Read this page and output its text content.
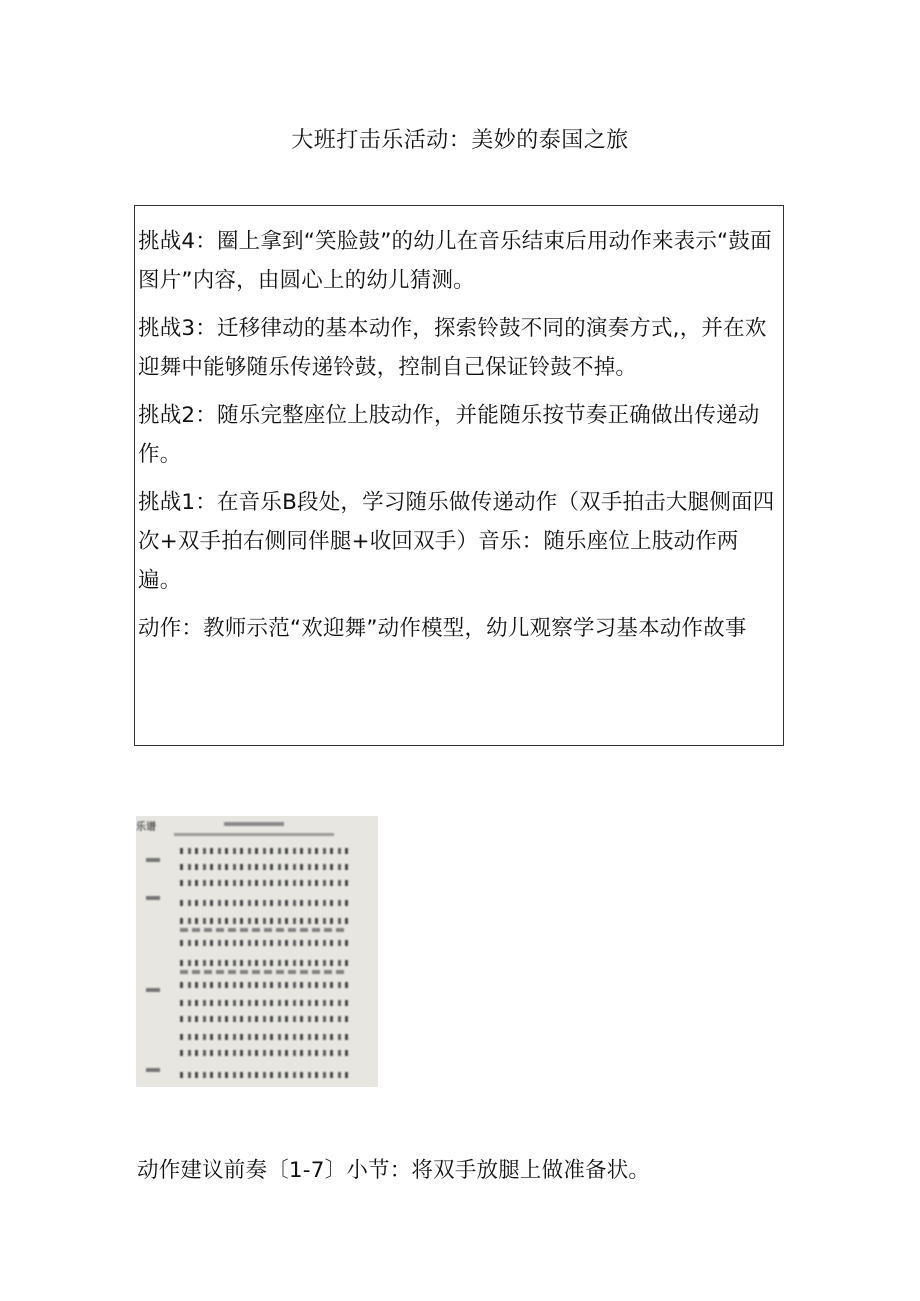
大班打击乐活动：美妙的泰国之旅

挑战4：圈上拿到“笑脸鼓”的幼儿在音乐结束后用动作来表示“鼓面图片”内容，由圆心上的幼儿猜测。

挑战3：迁移律动的基本动作，探索铃鼓不同的演奏方式,，并在欢迎舞中能够随乐传递铃鼓，控制自己保证铃鼓不掉。

挑战2：随乐完整座位上肢动作，并能随乐按节奏正确做出传递动作。

挑战1：在音乐B段处，学习随乐做传递动作（双手拍击大腿侧面四次+双手拍右侧同伴腿+收回双手）音乐：随乐座位上肢动作两遍。

动作：教师示范“欢迎舞”动作模型，幼儿观察学习基本动作故事

乐谱
动作建议前奏〔1-7〕小节：将双手放腿上做准备状。
